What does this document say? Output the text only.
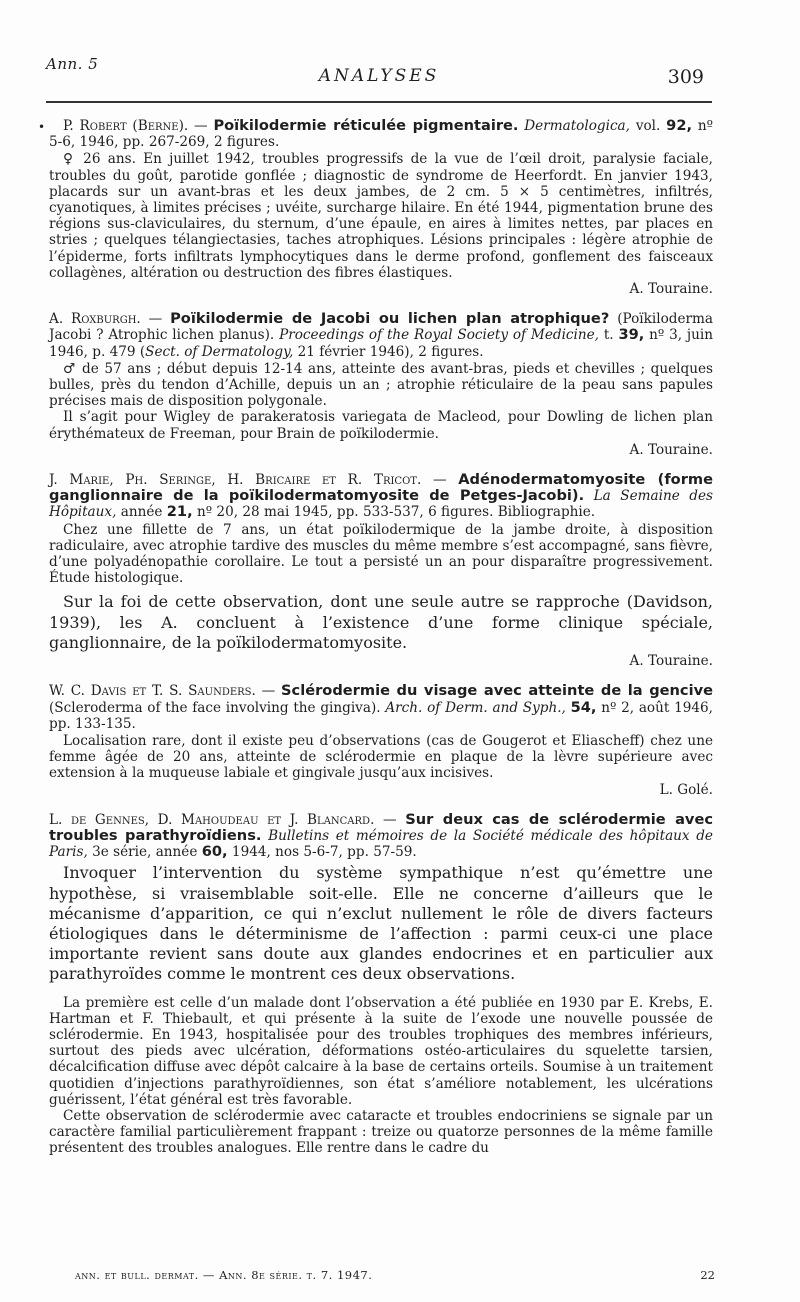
Ann. 5
ANALYSES	309
•	P. Robert (Berne). — Poïkilodermie réticulée pigmentaire. Dermatologica, vol. 92, nº 5-6, 1946, pp. 267-269, 2 figures.

♀ 26 ans. En juillet 1942, troubles progressifs de la vue de l’œil droit, paralysie faciale, troubles du goût, parotide gonflée ; diagnostic de syndrome de Heerfordt. En janvier 1943, placards sur un avant-bras et les deux jambes, de 2 cm. 5 × 5 centimètres, infiltrés, cyanotiques, à limites précises ; uvéite, surcharge hilaire. En été 1944, pigmentation brune des régions sus-claviculaires, du sternum, d’une épaule, en aires à limites nettes, par places en stries ; quelques télangiectasies, taches atrophiques. Lésions principales : légère atrophie de l’épiderme, forts infiltrats lymphocytiques dans le derme profond, gonflement des faisceaux collagènes, altération ou destruction des fibres élastiques.

A. Touraine.

A. Roxburgh. — Poïkilodermie de Jacobi ou lichen plan atrophique? (Poïkiloderma Jacobi ? Atrophic lichen planus). Proceedings of the Royal Society of Medicine, t. 39, nº 3, juin 1946, p. 479 (Sect. of Dermatology, 21 février 1946), 2 figures.

♂ de 57 ans ; début depuis 12-14 ans, atteinte des avant-bras, pieds et chevilles ; quelques bulles, près du tendon d’Achille, depuis un an ; atrophie réticulaire de la peau sans papules précises mais de disposition polygonale.

Il s’agit pour Wigley de parakeratosis variegata de Macleod, pour Dowling de lichen plan érythémateux de Freeman, pour Brain de poïkilodermie.

A. Touraine.

J. Marie, Ph. Seringe, H. Bricaire et R. Tricot. — Adénodermatomyosite (forme ganglionnaire de la poïkilodermatomyosite de Petges-Jacobi). La Semaine des Hôpitaux, année 21, nº 20, 28 mai 1945, pp. 533-537, 6 figures. Bibliographie.

Chez une fillette de 7 ans, un état poïkilodermique de la jambe droite, à disposition radiculaire, avec atrophie tardive des muscles du même membre s’est accompagné, sans fièvre, d’une polyadénopathie corollaire. Le tout a persisté un an pour disparaître progressivement. Étude histologique.

Sur la foi de cette observation, dont une seule autre se rapproche (Davidson, 1939), les A. concluent à l’existence d’une forme clinique spéciale, ganglionnaire, de la poïkilodermatomyosite.

A. Touraine.

W. C. Davis et T. S. Saunders. — Sclérodermie du visage avec atteinte de la gencive (Scleroderma of the face involving the gingiva). Arch. of Derm. and Syph., 54, nº 2, août 1946, pp. 133-135.

Localisation rare, dont il existe peu d’observations (cas de Gougerot et Eliascheff) chez une femme âgée de 20 ans, atteinte de sclérodermie en plaque de la lèvre supérieure avec extension à la muqueuse labiale et gingivale jusqu’aux incisives.

L. Golé.

L. de Gennes, D. Mahoudeau et J. Blancard. — Sur deux cas de sclérodermie avec troubles parathyroïdiens. Bulletins et mémoires de la Société médicale des hôpitaux de Paris, 3e série, année 60, 1944, nos 5-6-7, pp. 57-59.

Invoquer l’intervention du système sympathique n’est qu’émettre une hypothèse, si vraisemblable soit-elle. Elle ne concerne d’ailleurs que le mécanisme d’apparition, ce qui n’exclut nullement le rôle de divers facteurs étiologiques dans le déterminisme de l’affection : parmi ceux-ci une place importante revient sans doute aux glandes endocrines et en particulier aux parathyroïdes comme le montrent ces deux observations.

La première est celle d’un malade dont l’observation a été publiée en 1930 par E. Krebs, E. Hartman et F. Thiebault, et qui présente à la suite de l’exode une nouvelle poussée de sclérodermie. En 1943, hospitalisée pour des troubles trophiques des membres inférieurs, surtout des pieds avec ulcération, déformations ostéo-articulaires du squelette tarsien, décalcification diffuse avec dépôt calcaire à la base de certains orteils. Soumise à un traitement quotidien d’injections parathyroïdiennes, son état s’améliore notablement, les ulcérations guérissent, l’état général est très favorable.

Cette observation de sclérodermie avec cataracte et troubles endocriniens se signale par un caractère familial particulièrement frappant : treize ou quatorze personnes de la même famille présentent des troubles analogues. Elle rentre dans le cadre du

ann. et bull. dermat. — Ann. 8e série. t. 7. 1947.	22
